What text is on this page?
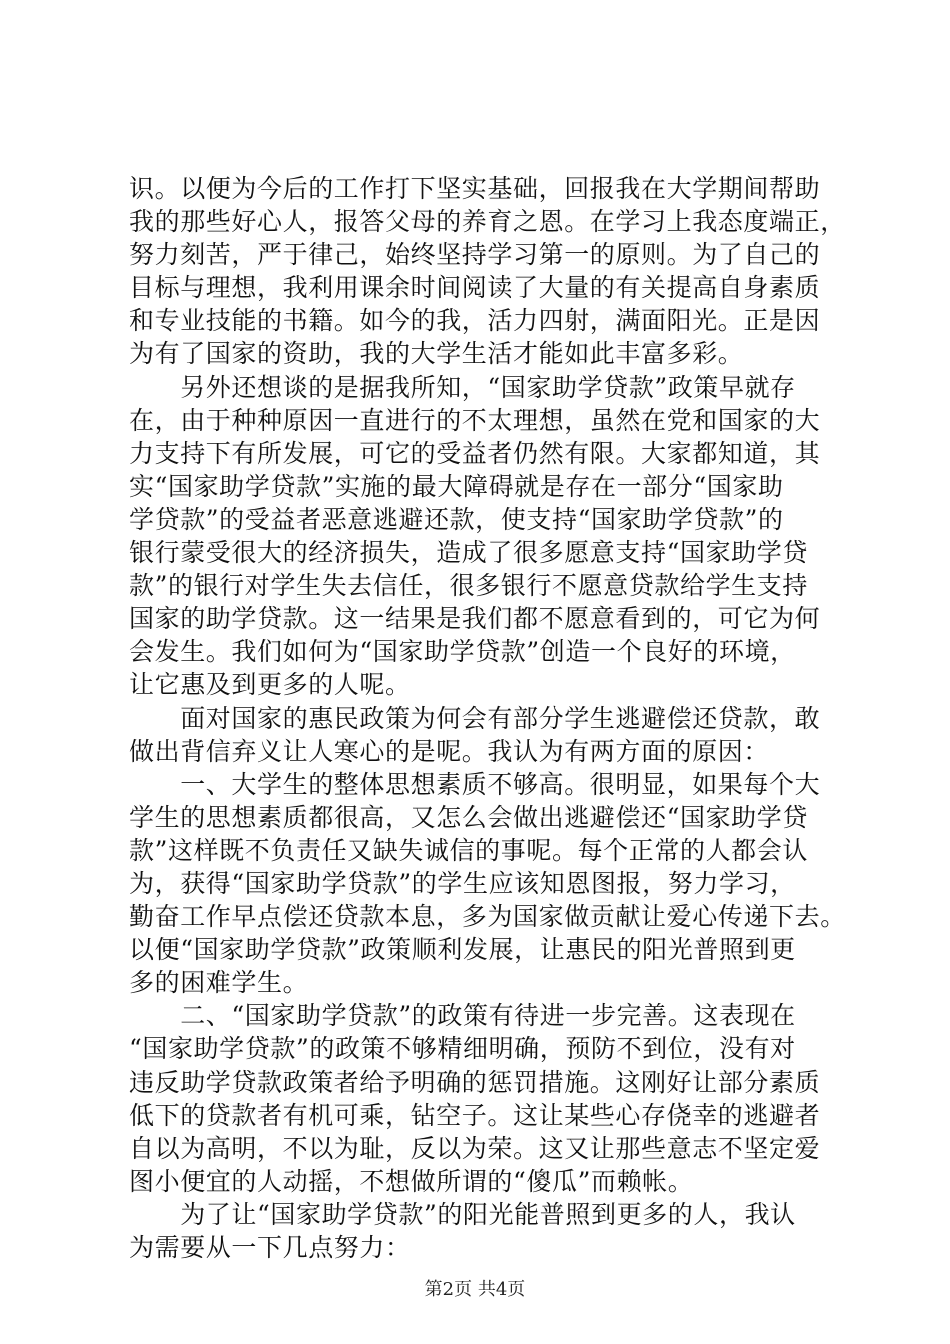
识。以便为今后的工作打下坚实基础，回报我在大学期间帮助
我的那些好心人，报答父母的养育之恩。在学习上我态度端正，
努力刻苦，严于律己，始终坚持学习第一的原则。为了自己的
目标与理想，我利用课余时间阅读了大量的有关提高自身素质
和专业技能的书籍。如今的我，活力四射，满面阳光。正是因
为有了国家的资助，我的大学生活才能如此丰富多彩。
　　另外还想谈的是据我所知，“国家助学贷款”政策早就存
在，由于种种原因一直进行的不太理想，虽然在党和国家的大
力支持下有所发展，可它的受益者仍然有限。大家都知道，其
实“国家助学贷款”实施的最大障碍就是存在一部分“国家助
学贷款”的受益者恶意逃避还款，使支持“国家助学贷款”的
银行蒙受很大的经济损失，造成了很多愿意支持“国家助学贷
款”的银行对学生失去信任，很多银行不愿意贷款给学生支持
国家的助学贷款。这一结果是我们都不愿意看到的，可它为何
会发生。我们如何为“国家助学贷款”创造一个良好的环境，
让它惠及到更多的人呢。
　　面对国家的惠民政策为何会有部分学生逃避偿还贷款，敢
做出背信弃义让人寒心的是呢。我认为有两方面的原因：
　　一、大学生的整体思想素质不够高。很明显，如果每个大
学生的思想素质都很高，又怎么会做出逃避偿还“国家助学贷
款”这样既不负责任又缺失诚信的事呢。每个正常的人都会认
为，获得“国家助学贷款”的学生应该知恩图报，努力学习，
勤奋工作早点偿还贷款本息，多为国家做贡献让爱心传递下去。
以便“国家助学贷款”政策顺利发展，让惠民的阳光普照到更
多的困难学生。
　　二、“国家助学贷款”的政策有待进一步完善。这表现在
“国家助学贷款”的政策不够精细明确，预防不到位，没有对
违反助学贷款政策者给予明确的惩罚措施。这刚好让部分素质
低下的贷款者有机可乘，钻空子。这让某些心存侥幸的逃避者
自以为高明，不以为耻，反以为荣。这又让那些意志不坚定爱
图小便宜的人动摇，不想做所谓的“傻瓜”而赖帐。
　　为了让“国家助学贷款”的阳光能普照到更多的人，我认
为需要从一下几点努力：
第2页 共4页
